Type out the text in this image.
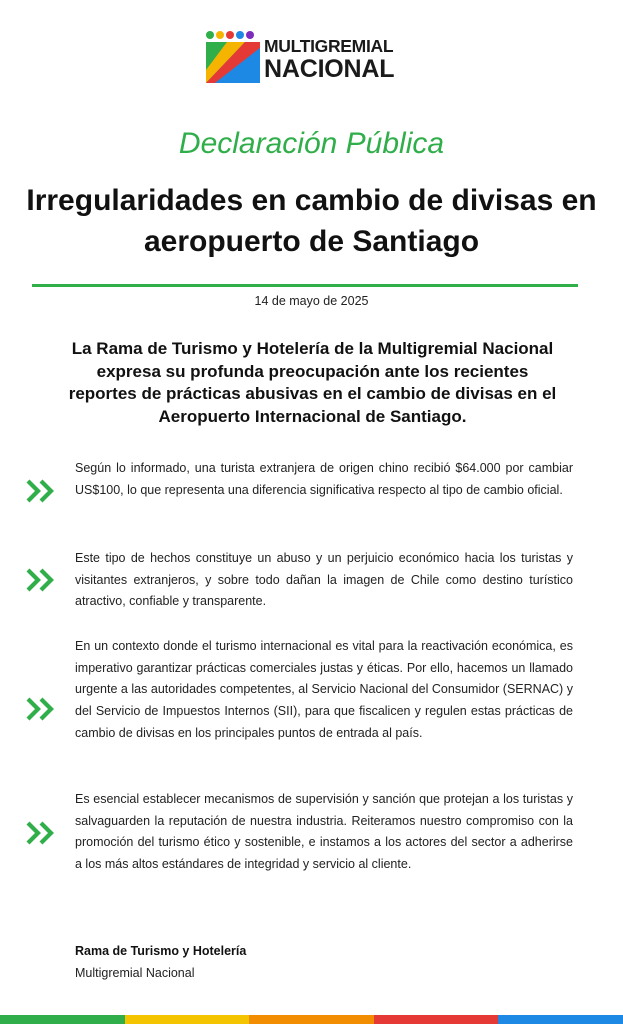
MULTIGREMIAL
NACIONAL
Declaración Pública
Irregularidades en cambio de divisas en aeropuerto de Santiago
14 de mayo de 2025

La Rama de Turismo y Hotelería de la Multigremial Nacional expresa su profunda preocupación ante los recientes reportes de prácticas abusivas en el cambio de divisas en el Aeropuerto Internacional de Santiago.

Según lo informado, una turista extranjera de origen chino recibió $64.000 por cambiar US$100, lo que representa una diferencia significativa respecto al tipo de cambio oficial.

Este tipo de hechos constituye un abuso y un perjuicio económico hacia los turistas y visitantes extranjeros, y sobre todo dañan la imagen de Chile como destino turístico atractivo, confiable y transparente.

En un contexto donde el turismo internacional es vital para la reactivación económica, es imperativo garantizar prácticas comerciales justas y éticas. Por ello, hacemos un llamado urgente a las autoridades competentes, al Servicio Nacional del Consumidor (SERNAC) y del Servicio de Impuestos Internos (SII), para que fiscalicen y regulen estas prácticas de cambio de divisas en los principales puntos de entrada al país.

Es esencial establecer mecanismos de supervisión y sanción que protejan a los turistas y salvaguarden la reputación de nuestra industria. Reiteramos nuestro compromiso con la promoción del turismo ético y sostenible, e instamos a los actores del sector a adherirse a los más altos estándares de integridad y servicio al cliente.

Rama de Turismo y Hotelería
Multigremial Nacional
